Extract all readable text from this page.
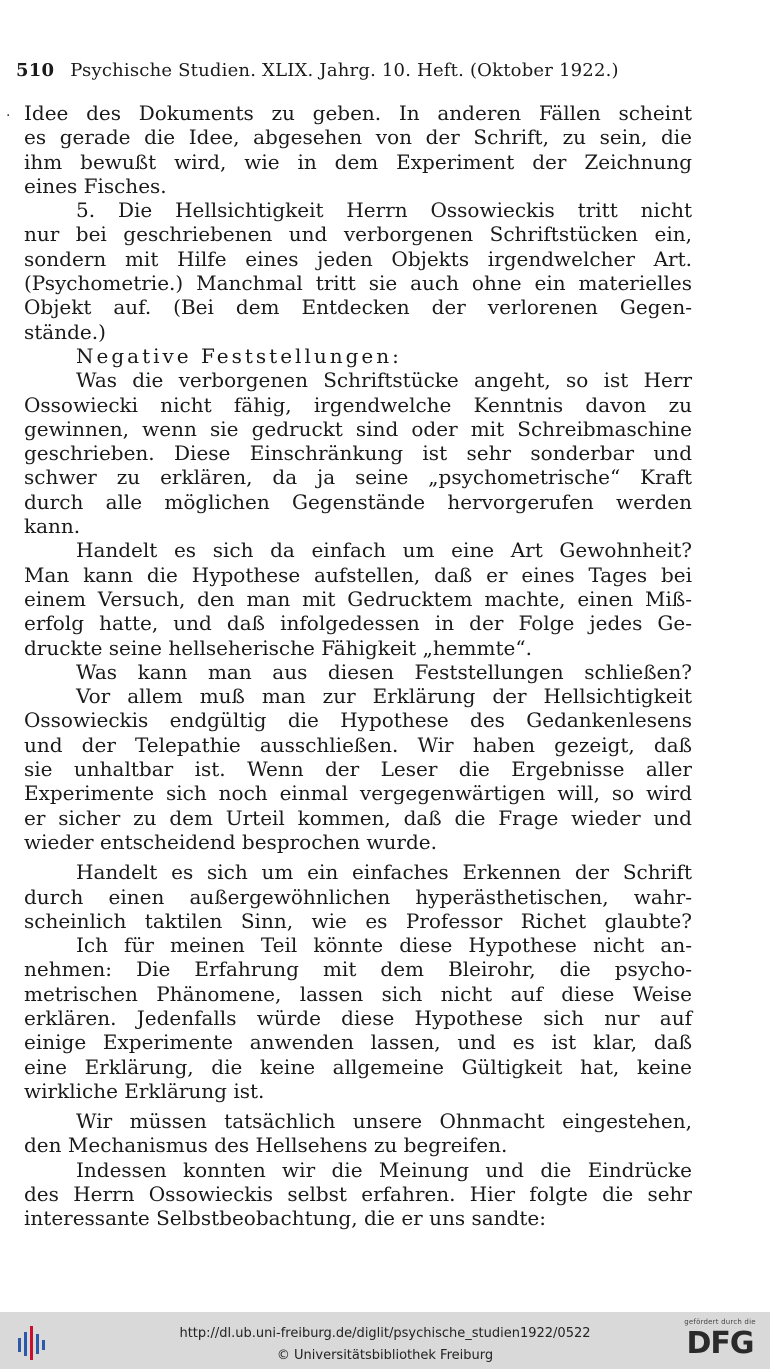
510 Psychische Studien. XLIX. Jahrg. 10. Heft. (Oktober 1922.)
· Idee des Dokuments zu geben. In anderen Fällen scheint
es gerade die Idee, abgesehen von der Schrift, zu sein, die
ihm bewußt wird, wie in dem Experiment der Zeichnung
eines Fisches.
5. Die Hellsichtigkeit Herrn Ossowieckis tritt nicht
nur bei geschriebenen und verborgenen Schriftstücken ein,
sondern mit Hilfe eines jeden Objekts irgendwelcher Art.
(Psychometrie.) Manchmal tritt sie auch ohne ein materielles
Objekt auf. (Bei dem Entdecken der verlorenen Gegen-
stände.)
Negative Feststellungen:
Was die verborgenen Schriftstücke angeht, so ist Herr
Ossowiecki nicht fähig, irgendwelche Kenntnis davon zu
gewinnen, wenn sie gedruckt sind oder mit Schreibmaschine
geschrieben. Diese Einschränkung ist sehr sonderbar und
schwer zu erklären, da ja seine „psychometrische“ Kraft
durch alle möglichen Gegenstände hervorgerufen werden
kann.
Handelt es sich da einfach um eine Art Gewohnheit?
Man kann die Hypothese aufstellen, daß er eines Tages bei
einem Versuch, den man mit Gedrucktem machte, einen Miß-
erfolg hatte, und daß infolgedessen in der Folge jedes Ge-
druckte seine hellseherische Fähigkeit „hemmte“.
Was kann man aus diesen Feststellungen schließen?
Vor allem muß man zur Erklärung der Hellsichtigkeit
Ossowieckis endgültig die Hypothese des Gedankenlesens
und der Telepathie ausschließen. Wir haben gezeigt, daß
sie unhaltbar ist. Wenn der Leser die Ergebnisse aller
Experimente sich noch einmal vergegenwärtigen will, so wird
er sicher zu dem Urteil kommen, daß die Frage wieder und
wieder entscheidend besprochen wurde.
Handelt es sich um ein einfaches Erkennen der Schrift
durch einen außergewöhnlichen hyperästhetischen, wahr-
scheinlich taktilen Sinn, wie es Professor Richet glaubte?
Ich für meinen Teil könnte diese Hypothese nicht an-
nehmen: Die Erfahrung mit dem Bleirohr, die psycho-
metrischen Phänomene, lassen sich nicht auf diese Weise
erklären. Jedenfalls würde diese Hypothese sich nur auf
einige Experimente anwenden lassen, und es ist klar, daß
eine Erklärung, die keine allgemeine Gültigkeit hat, keine
wirkliche Erklärung ist.
Wir müssen tatsächlich unsere Ohnmacht eingestehen,
den Mechanismus des Hellsehens zu begreifen.
Indessen konnten wir die Meinung und die Eindrücke
des Herrn Ossowieckis selbst erfahren. Hier folgte die sehr
interessante Selbstbeobachtung, die er uns sandte:
http://dl.ub.uni-freiburg.de/diglit/psychische_studien1922/0522
© Universitätsbibliothek Freiburg
gefördert durch die
DFG
